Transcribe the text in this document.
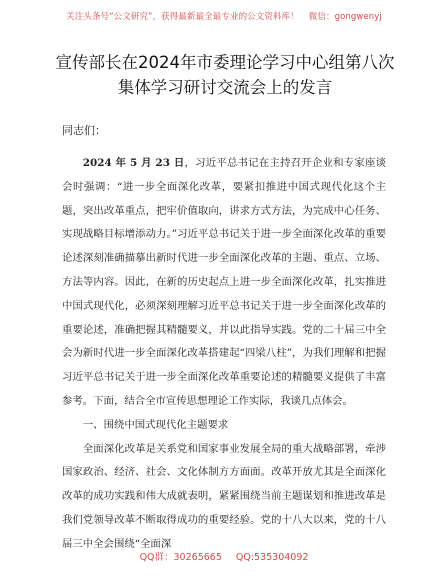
关注头条号“公文研究”，获得最新最全最专业的公文资料库！ 微信：gongwenyj
宣传部长在2024年市委理论学习中心组第八次
集体学习研讨交流会上的发言
同志们：

2024 年 5 月 23 日，习近平总书记在主持召开企业和专家座谈会时强调：“进一步全面深化改革，要紧扣推进中国式现代化这个主题，突出改革重点，把牢价值取向，讲求方式方法，为完成中心任务、实现战略目标增添动力。”习近平总书记关于进一步全面深化改革的重要论述深刻准确描摹出新时代进一步全面深化改革的主题、重点、立场、方法等内容。因此，在新的历史起点上进一步全面深化改革，扎实推进中国式现代化，必须深刻理解习近平总书记关于进一步全面深化改革的重要论述，准确把握其精髓要义，并以此指导实践。党的二十届三中全会为新时代进一步全面深化改革搭建起“四梁八柱”，为我们理解和把握习近平总书记关于进一步全面深化改革重要论述的精髓要义提供了丰富参考。下面，结合全市宣传思想理论工作实际，我谈几点体会。

一、围绕中国式现代化主题要求

全面深化改革是关系党和国家事业发展全局的重大战略部署，牵涉国家政治、经济、社会、文化体制方方面面。改革开放尤其是全面深化改革的成功实践和伟大成就表明，紧紧围绕当前主题谋划和推进改革是我们党领导改革不断取得成功的重要经验。党的十八大以来，党的十八届三中全会围绕“全面深

QQ群：30265665 QQ:535304092
